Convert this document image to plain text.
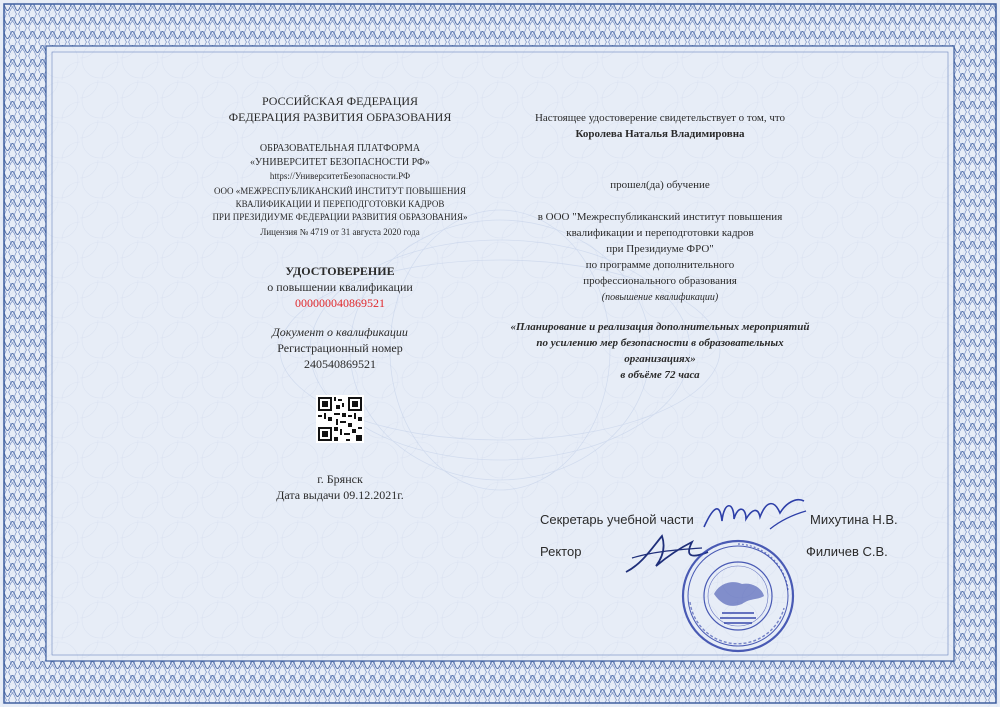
РОССИЙСКАЯ ФЕДЕРАЦИЯ

ФЕДЕРАЦИЯ РАЗВИТИЯ ОБРАЗОВАНИЯ

ОБРАЗОВАТЕЛЬНАЯ ПЛАТФОРМА

«УНИВЕРСИТЕТ БЕЗОПАСНОСТИ РФ»

https://УниверситетБезопасности.РФ

ООО «МЕЖРЕСПУБЛИКАНСКИЙ ИНСТИТУТ ПОВЫШЕНИЯ

КВАЛИФИКАЦИИ И ПЕРЕПОДГОТОВКИ КАДРОВ

ПРИ ПРЕЗИДИУМЕ ФЕДЕРАЦИИ РАЗВИТИЯ ОБРАЗОВАНИЯ»

Лицензия № 4719 от 31 августа 2020 года

УДОСТОВЕРЕНИЕ

о повышении квалификации

000000040869521

Документ о квалификации

Регистрационный номер

240540869521

г. Брянск

Дата выдачи 09.12.2021г.

Настоящее удостоверение свидетельствует о том, что

Королева Наталья Владимировна

прошел(да) обучение

в ООО "Межреспубликанский институт повышения

квалификации и переподготовки кадров

при Президиуме ФРО"

по программе дополнительного

профессионального образования

(повышение квалификации)

«Планирование и реализация дополнительных мероприятий

по усилению мер безопасности в образовательных

организациях»

в объёме 72 часа

Секретарь учебной части	Михутина Н.В.
Ректор	Филичев С.В.
